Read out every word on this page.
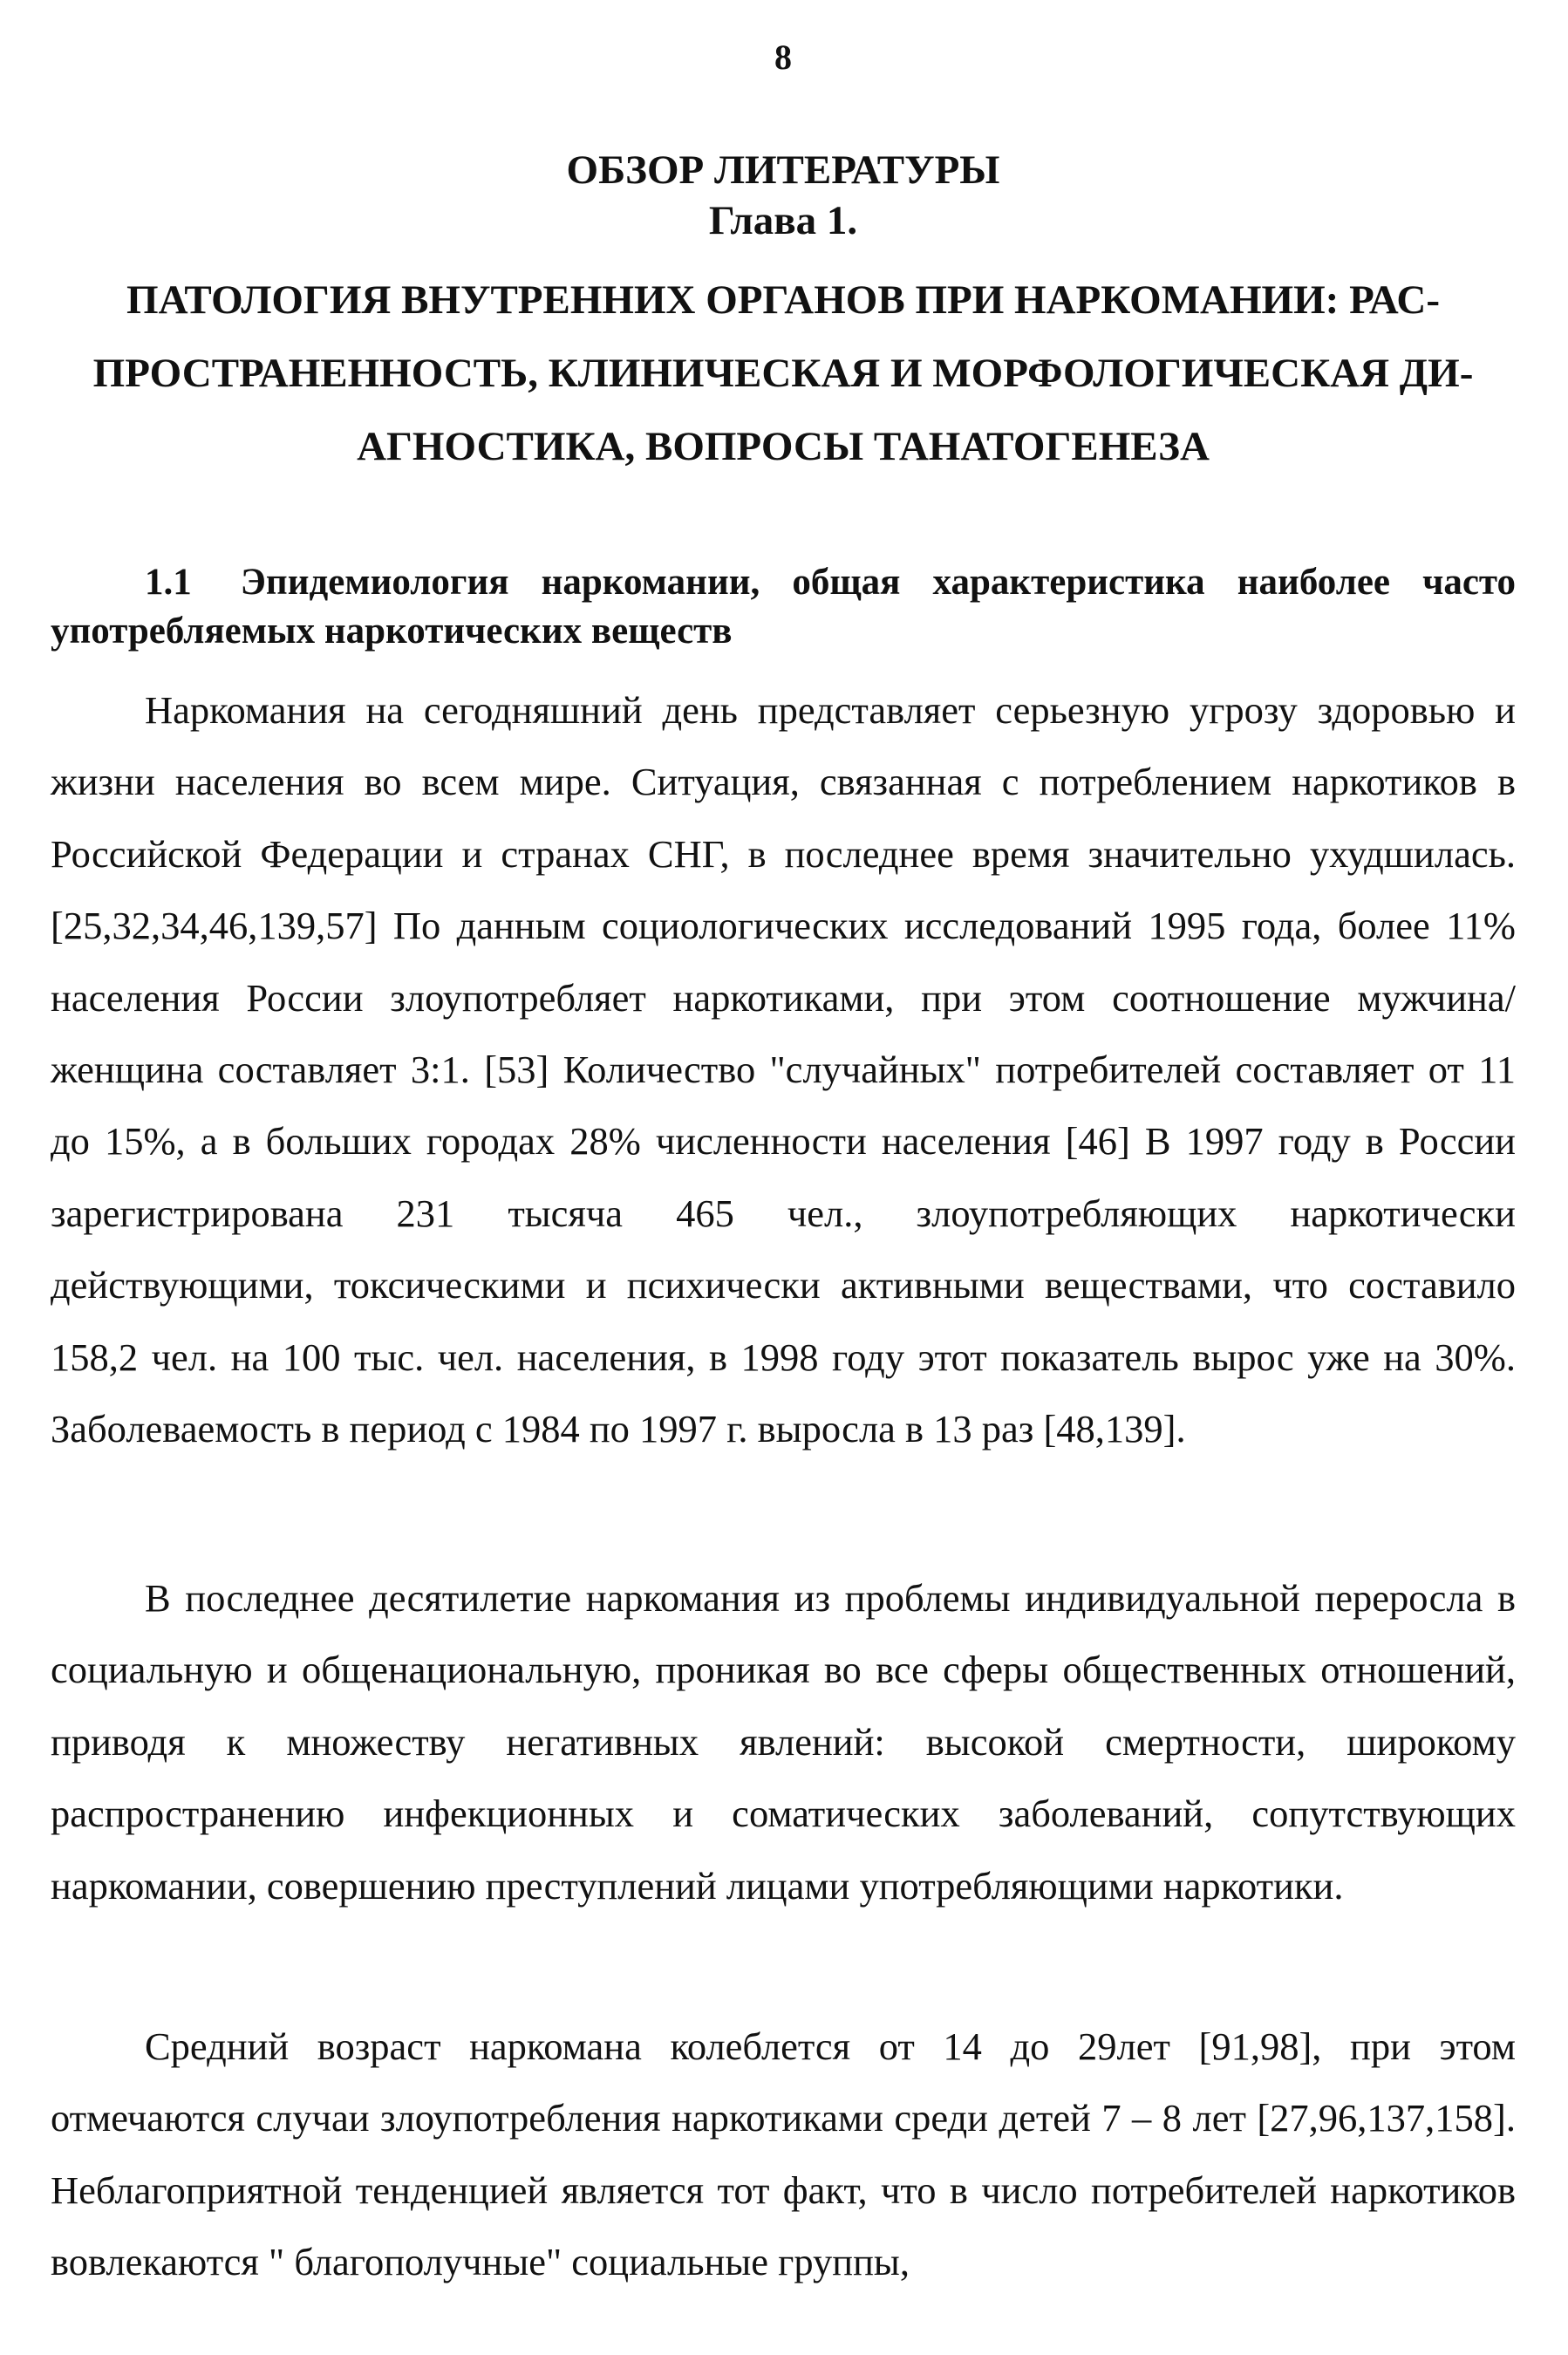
8
ОБЗОР ЛИТЕРАТУРЫ
Глава 1.
ПАТОЛОГИЯ ВНУТРЕННИХ ОРГАНОВ ПРИ НАРКОМАНИИ: РАС-ПРОСТРАНЕННОСТЬ, КЛИНИЧЕСКАЯ И МОРФОЛОГИЧЕСКАЯ ДИ-АГНОСТИКА, ВОПРОСЫ ТАНАТОГЕНЕЗА
1.1 Эпидемиология наркомании, общая характеристика наиболее часто употребляемых наркотических веществ

Наркомания на сегодняшний день представляет серьезную угрозу здоровью и жизни населения во всем мире. Ситуация, связанная с потреблением наркотиков в Российской Федерации и странах СНГ, в последнее время значительно ухудшилась. [25,32,34,46,139,57] По данным социологических исследований 1995 года, более 11% населения России злоупотребляет наркотиками, при этом соотношение мужчина/женщина составляет 3:1. [53] Количество "случайных" потребителей составляет от 11 до 15%, а в больших городах 28% численности населения [46] В 1997 году в России зарегистрирована 231 тысяча 465 чел., злоупотребляющих наркотически действующими, токсическими и психически активными веществами, что составило 158,2 чел. на 100 тыс. чел. населения, в 1998 году этот показатель вырос уже на 30%. Заболеваемость в период с 1984 по 1997 г. выросла в 13 раз [48,139].

В последнее десятилетие наркомания из проблемы индивидуальной переросла в социальную и общенациональную, проникая во все сферы общественных отношений, приводя к множеству негативных явлений: высокой смертности, широкому распространению инфекционных и соматических заболеваний, сопутствующих наркомании, совершению преступлений лицами употребляющими наркотики.

Средний возраст наркомана колеблется от 14 до 29лет [91,98], при этом отмечаются случаи злоупотребления наркотиками среди детей 7 – 8 лет [27,96,137,158]. Неблагоприятной тенденцией является тот факт, что в число потребителей наркотиков вовлекаются " благополучные" социальные группы,
